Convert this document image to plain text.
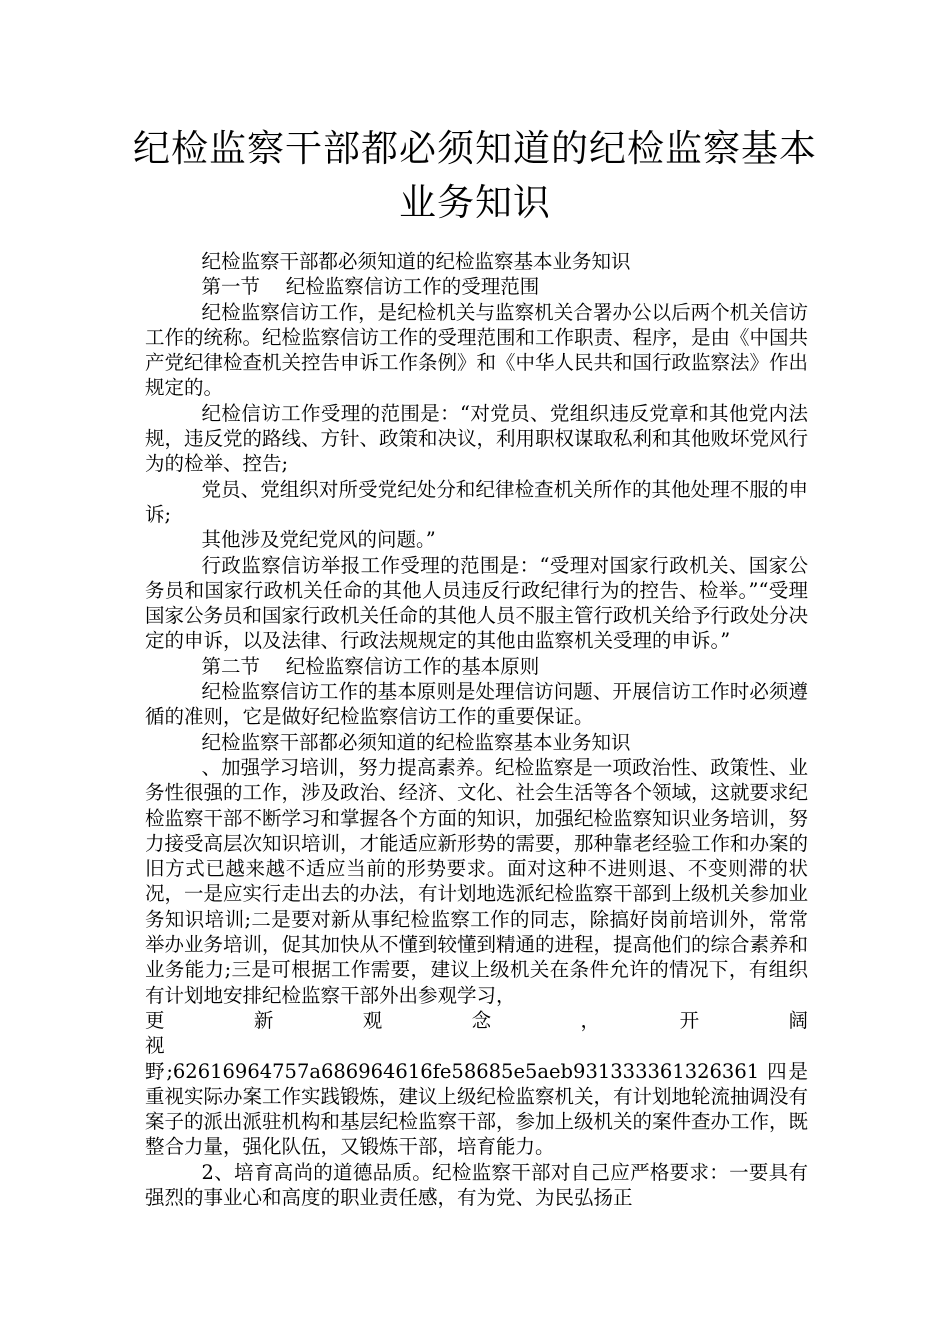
纪检监察干部都必须知道的纪检监察基本
业务知识

纪检监察干部都必须知道的纪检监察基本业务知识

第一节　 纪检监察信访工作的受理范围

纪检监察信访工作，是纪检机关与监察机关合署办公以后两个机关信访工作的统称。纪检监察信访工作的受理范围和工作职责、程序，是由《中国共产党纪律检查机关控告申诉工作条例》和《中华人民共和国行政监察法》作出规定的。

纪检信访工作受理的范围是：“对党员、党组织违反党章和其他党内法规，违反党的路线、方针、政策和决议，利用职权谋取私利和其他败坏党风行为的检举、控告;

党员、党组织对所受党纪处分和纪律检查机关所作的其他处理不服的申诉;

其他涉及党纪党风的问题。”

行政监察信访举报工作受理的范围是：“受理对国家行政机关、国家公务员和国家行政机关任命的其他人员违反行政纪律行为的控告、检举。”“受理国家公务员和国家行政机关任命的其他人员不服主管行政机关给予行政处分决定的申诉，以及法律、行政法规规定的其他由监察机关受理的申诉。”

第二节　 纪检监察信访工作的基本原则

纪检监察信访工作的基本原则是处理信访问题、开展信访工作时必须遵循的准则，它是做好纪检监察信访工作的重要保证。

纪检监察干部都必须知道的纪检监察基本业务知识

、加强学习培训，努力提高素养。纪检监察是一项政治性、政策性、业务性很强的工作，涉及政治、经济、文化、社会生活等各个领域，这就要求纪检监察干部不断学习和掌握各个方面的知识，加强纪检监察知识业务培训，努力接受高层次知识培训，才能适应新形势的需要，那种靠老经验工作和办案的旧方式已越来越不适应当前的形势要求。面对这种不进则退、不变则滞的状况，一是应实行走出去的办法，有计划地选派纪检监察干部到上级机关参加业务知识培训;二是要对新从事纪检监察工作的同志，除搞好岗前培训外，常常举办业务培训，促其加快从不懂到较懂到精通的进程，提高他们的综合素养和业务能力;三是可根据工作需要，建议上级机关在条件允许的情况下，有组织有计划地安排纪检监察干部外出参观学习，

更　　　　新　　　　观　　　　念　　　　，　　　　开　　　　阔　　　　视

野;62616964757a686964616fe58685e5aeb931333361326361 四是重视实际办案工作实践锻炼，建议上级纪检监察机关，有计划地轮流抽调没有案子的派出派驻机构和基层纪检监察干部，参加上级机关的案件查办工作，既整合力量，强化队伍，又锻炼干部，培育能力。

2、培育高尚的道德品质。纪检监察干部对自己应严格要求：一要具有强烈的事业心和高度的职业责任感，有为党、为民弘扬正
